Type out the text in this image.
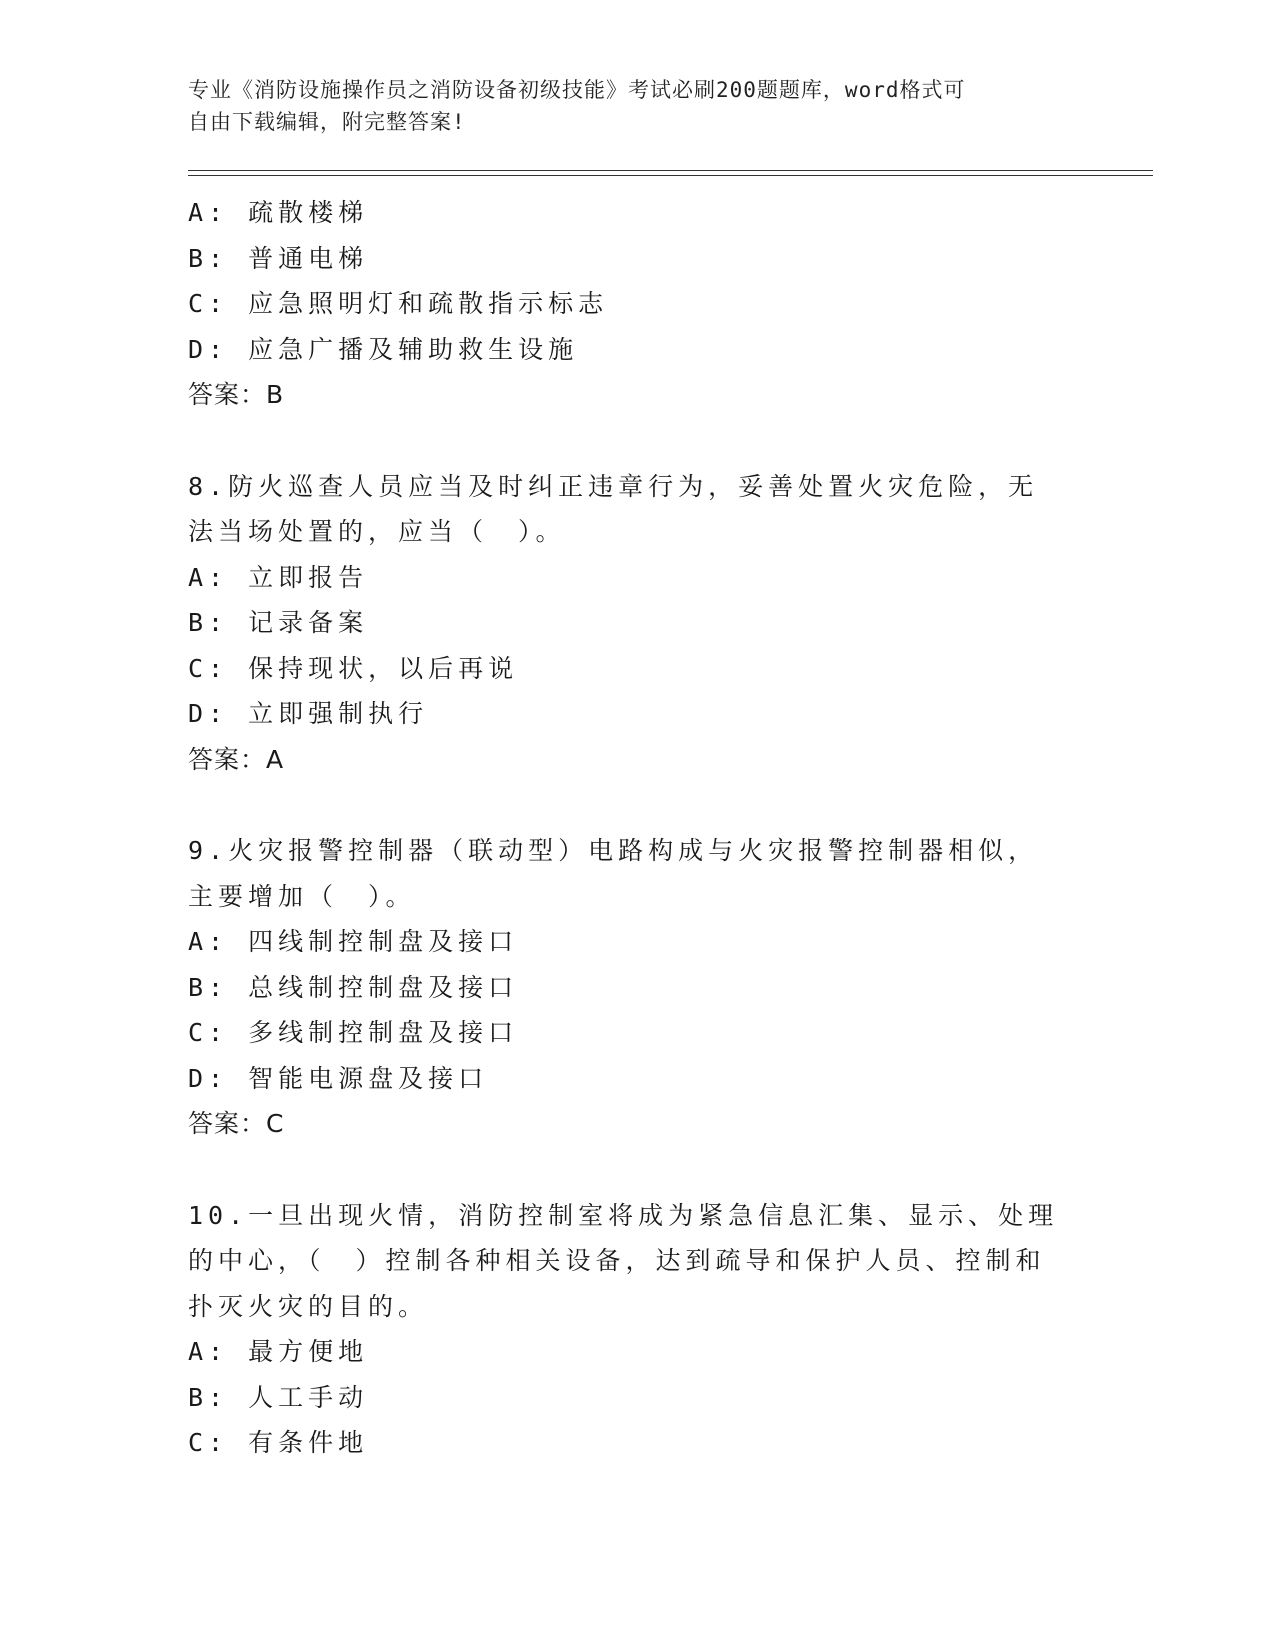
专业《消防设施操作员之消防设备初级技能》考试必刷200题题库，word格式可
自由下载编辑，附完整答案!
A: 疏散楼梯
B: 普通电梯
C: 应急照明灯和疏散指示标志
D: 应急广播及辅助救生设施
答案：B
8.防火巡查人员应当及时纠正违章行为，妥善处置火灾危险，无法当场处置的，应当（　）。
A: 立即报告
B: 记录备案
C: 保持现状，以后再说
D: 立即强制执行
答案：A
9.火灾报警控制器（联动型）电路构成与火灾报警控制器相似，主要增加（　）。
A: 四线制控制盘及接口
B: 总线制控制盘及接口
C: 多线制控制盘及接口
D: 智能电源盘及接口
答案：C
10.一旦出现火情，消防控制室将成为紧急信息汇集、显示、处理的中心，（　）控制各种相关设备，达到疏导和保护人员、控制和扑灭火灾的目的。
A: 最方便地
B: 人工手动
C: 有条件地
